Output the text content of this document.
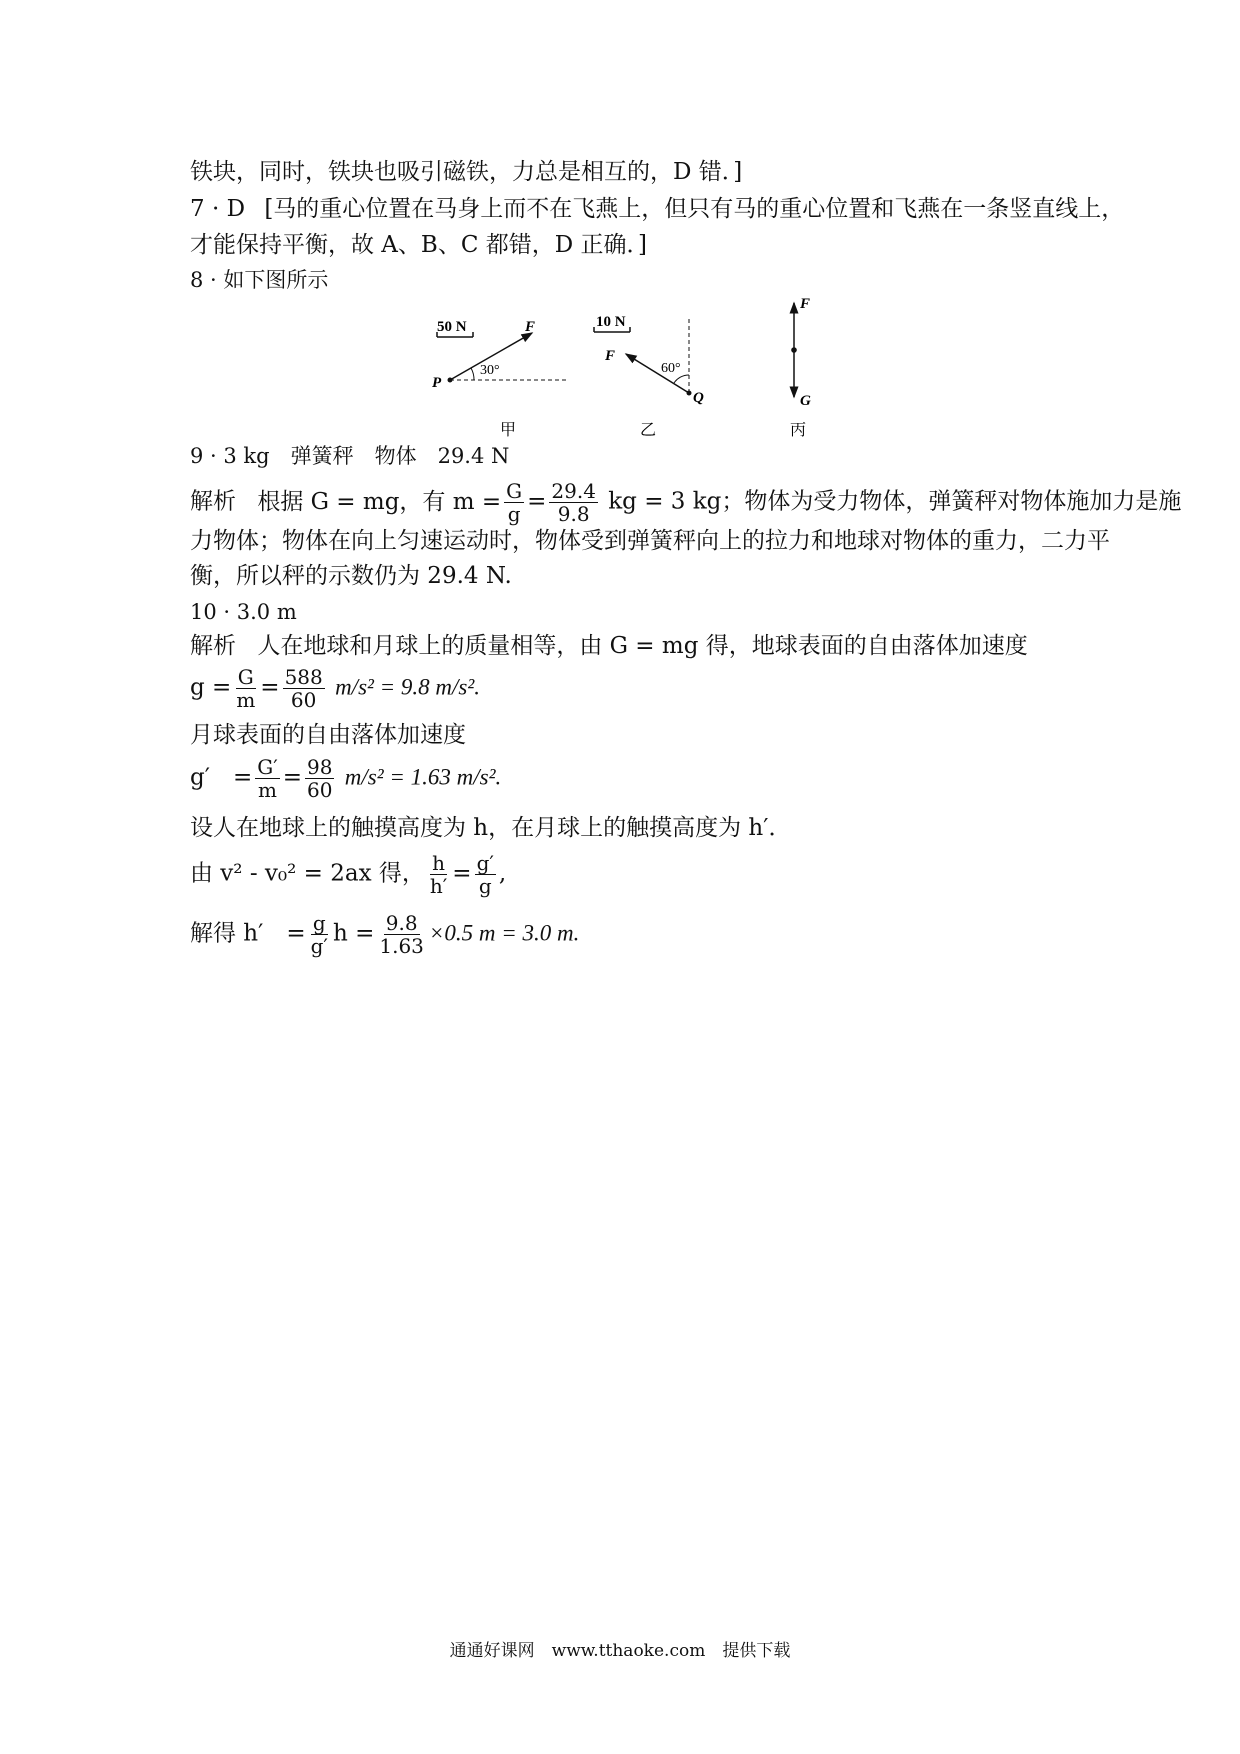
铁块，同时，铁块也吸引磁铁，力总是相互的，D 错．]
7 · D [马的重心位置在马身上而不在飞燕上，但只有马的重心位置和飞燕在一条竖直线上，
才能保持平衡，故 A、B、C 都错，D 正确．]
8 · 如下图所示
50 N
P
F
30°
甲
10 N
F
Q
60°
乙
F
G
丙
9 · 3 kg　弹簧秤　物体　29.4 N
解析 根据 G = mg，有 $m = \frac{G}{g} = \frac{29.4}{9.8}$ kg = 3 kg；物体为受力物体，弹簧秤对物体施加力是施
力物体；物体在向上匀速运动时，物体受到弹簧秤向上的拉力和地球对物体的重力，二力平
衡，所以秤的示数仍为 29.4 N.
10 · 3.0 m
解析 人在地球和月球上的质量相等，由 G = mg 得，地球表面的自由落体加速度
$g = \frac{G}{m} = \frac{588}{60} m/s^2 = 9.8$ m/s².
月球表面的自由落体加速度
g′　= $\frac{G'}{m} = \frac{98}{60} m/s^2 = 1.63$ m/s².
设人在地球上的触摸高度为 h，在月球上的触摸高度为 h′．
由 v² - v₀² = 2ax 得， $\frac{h}{h'} = \frac{g'}{g}$ ,
解得 h′　= $\frac{g}{g'}$ $h = \frac{9.8}{1.63} \times 0.5$ m = 3.0 m.
通通好课网　www.tthaoke.com　提供下载
